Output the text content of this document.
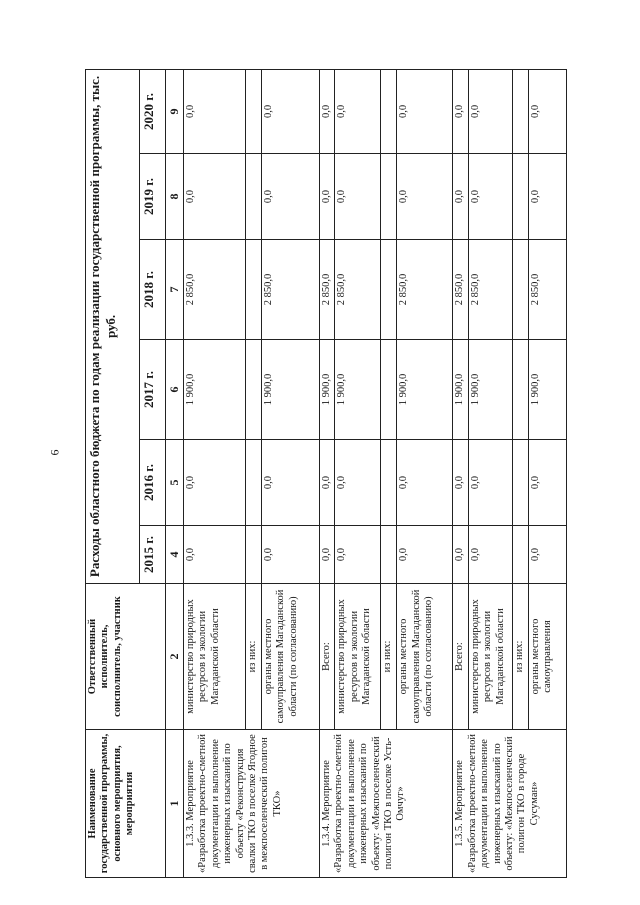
6
Наименование государственной программы, основного мероприятия, мероприятия	Ответственный исполнитель, соисполнитель, участник	Расходы областного бюджета по годам реализации государственной программы, тыс. руб.					
		2015 г.	2016 г.	2017 г.	2018 г.	2019 г.	2020 г.
1	2	4	5	6	7	8	9
1.3.3. Мероприятие «Разработка проектно-сметной документации и выполнение инженерных изысканий по объекту «Реконструкция свалки ТКО в поселке Ягодное в межпоселенческий полигон ТКО»	министерство природных ресурсов и экологии Магаданской области	0,0	0,0	1 900,0	2 850,0	0,0	0,0
	из них:						
	органы местного самоуправления Магаданской области (по согласованию)	0,0	0,0	1 900,0	2 850,0	0,0	0,0
1.3.4. Мероприятие «Разработка проектно-сметной документации и выполнение инженерных изысканий по объекту: «Межпоселенческий полигон ТКО в поселке Усть-Омчуг»	Всего:	0,0	0,0	1 900,0	2 850,0	0,0	0,0
	министерство природных ресурсов и экологии Магаданской области	0,0	0,0	1 900,0	2 850,0	0,0	0,0
	из них:						
	органы местного самоуправления Магаданской области (по согласованию)	0,0	0,0	1 900,0	2 850,0	0,0	0,0
1.3.5. Мероприятие «Разработка проектно-сметной документации и выполнение инженерных изысканий по объекту: «Межпоселенческий полигон ТКО в городе Сусуман»	Всего:	0,0	0,0	1 900,0	2 850,0	0,0	0,0
	министерство природных ресурсов и экологии Магаданской области	0,0	0,0	1 900,0	2 850,0	0,0	0,0
	из них:						
	органы местного самоуправления	0,0	0,0	1 900,0	2 850,0	0,0	0,0
